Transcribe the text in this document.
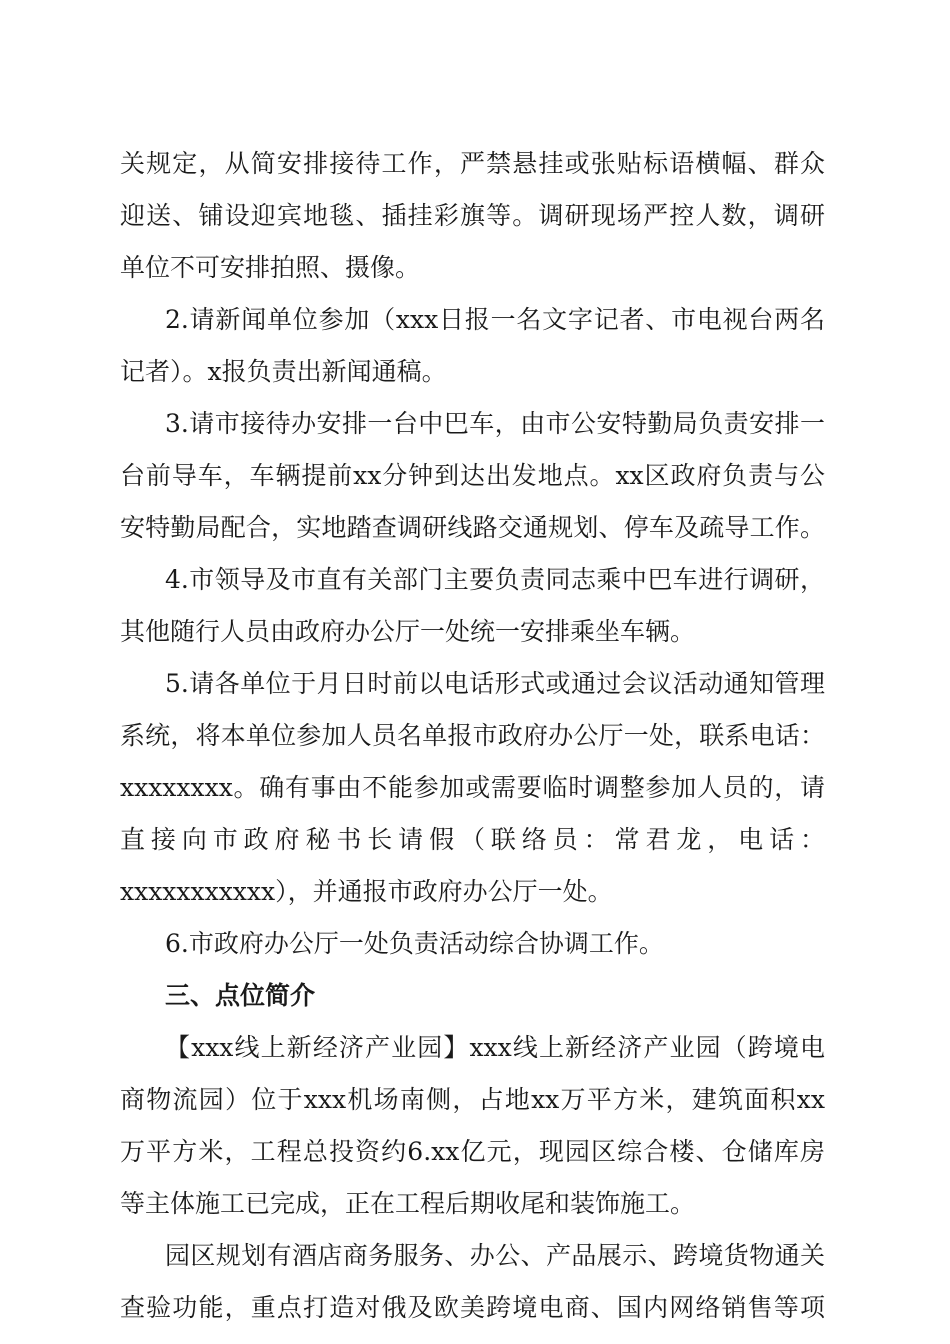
关规定，从简安排接待工作，严禁悬挂或张贴标语横幅、群众
迎送、铺设迎宾地毯、插挂彩旗等。调研现场严控人数，调研
单位不可安排拍照、摄像。
2.请新闻单位参加（xxx日报一名文字记者、市电视台两名
记者）。x报负责出新闻通稿。
3.请市接待办安排一台中巴车，由市公安特勤局负责安排一
台前导车，车辆提前xx分钟到达出发地点。xx区政府负责与公
安特勤局配合，实地踏查调研线路交通规划、停车及疏导工作。
4.市领导及市直有关部门主要负责同志乘中巴车进行调研，
其他随行人员由政府办公厅一处统一安排乘坐车辆。
5.请各单位于月日时前以电话形式或通过会议活动通知管理
系统，将本单位参加人员名单报市政府办公厅一处，联系电话：
xxxxxxxx。确有事由不能参加或需要临时调整参加人员的，请
直接向市政府秘书长请假（联络员：常君龙，电话：
xxxxxxxxxxx），并通报市政府办公厅一处。
6.市政府办公厅一处负责活动综合协调工作。
三、点位简介
【xxx线上新经济产业园】xxx线上新经济产业园（跨境电
商物流园）位于xxx机场南侧，占地xx万平方米，建筑面积xx
万平方米，工程总投资约6.xx亿元，现园区综合楼、仓储库房
等主体施工已完成，正在工程后期收尾和装饰施工。
园区规划有酒店商务服务、办公、产品展示、跨境货物通关
查验功能，重点打造对俄及欧美跨境电商、国内网络销售等项
